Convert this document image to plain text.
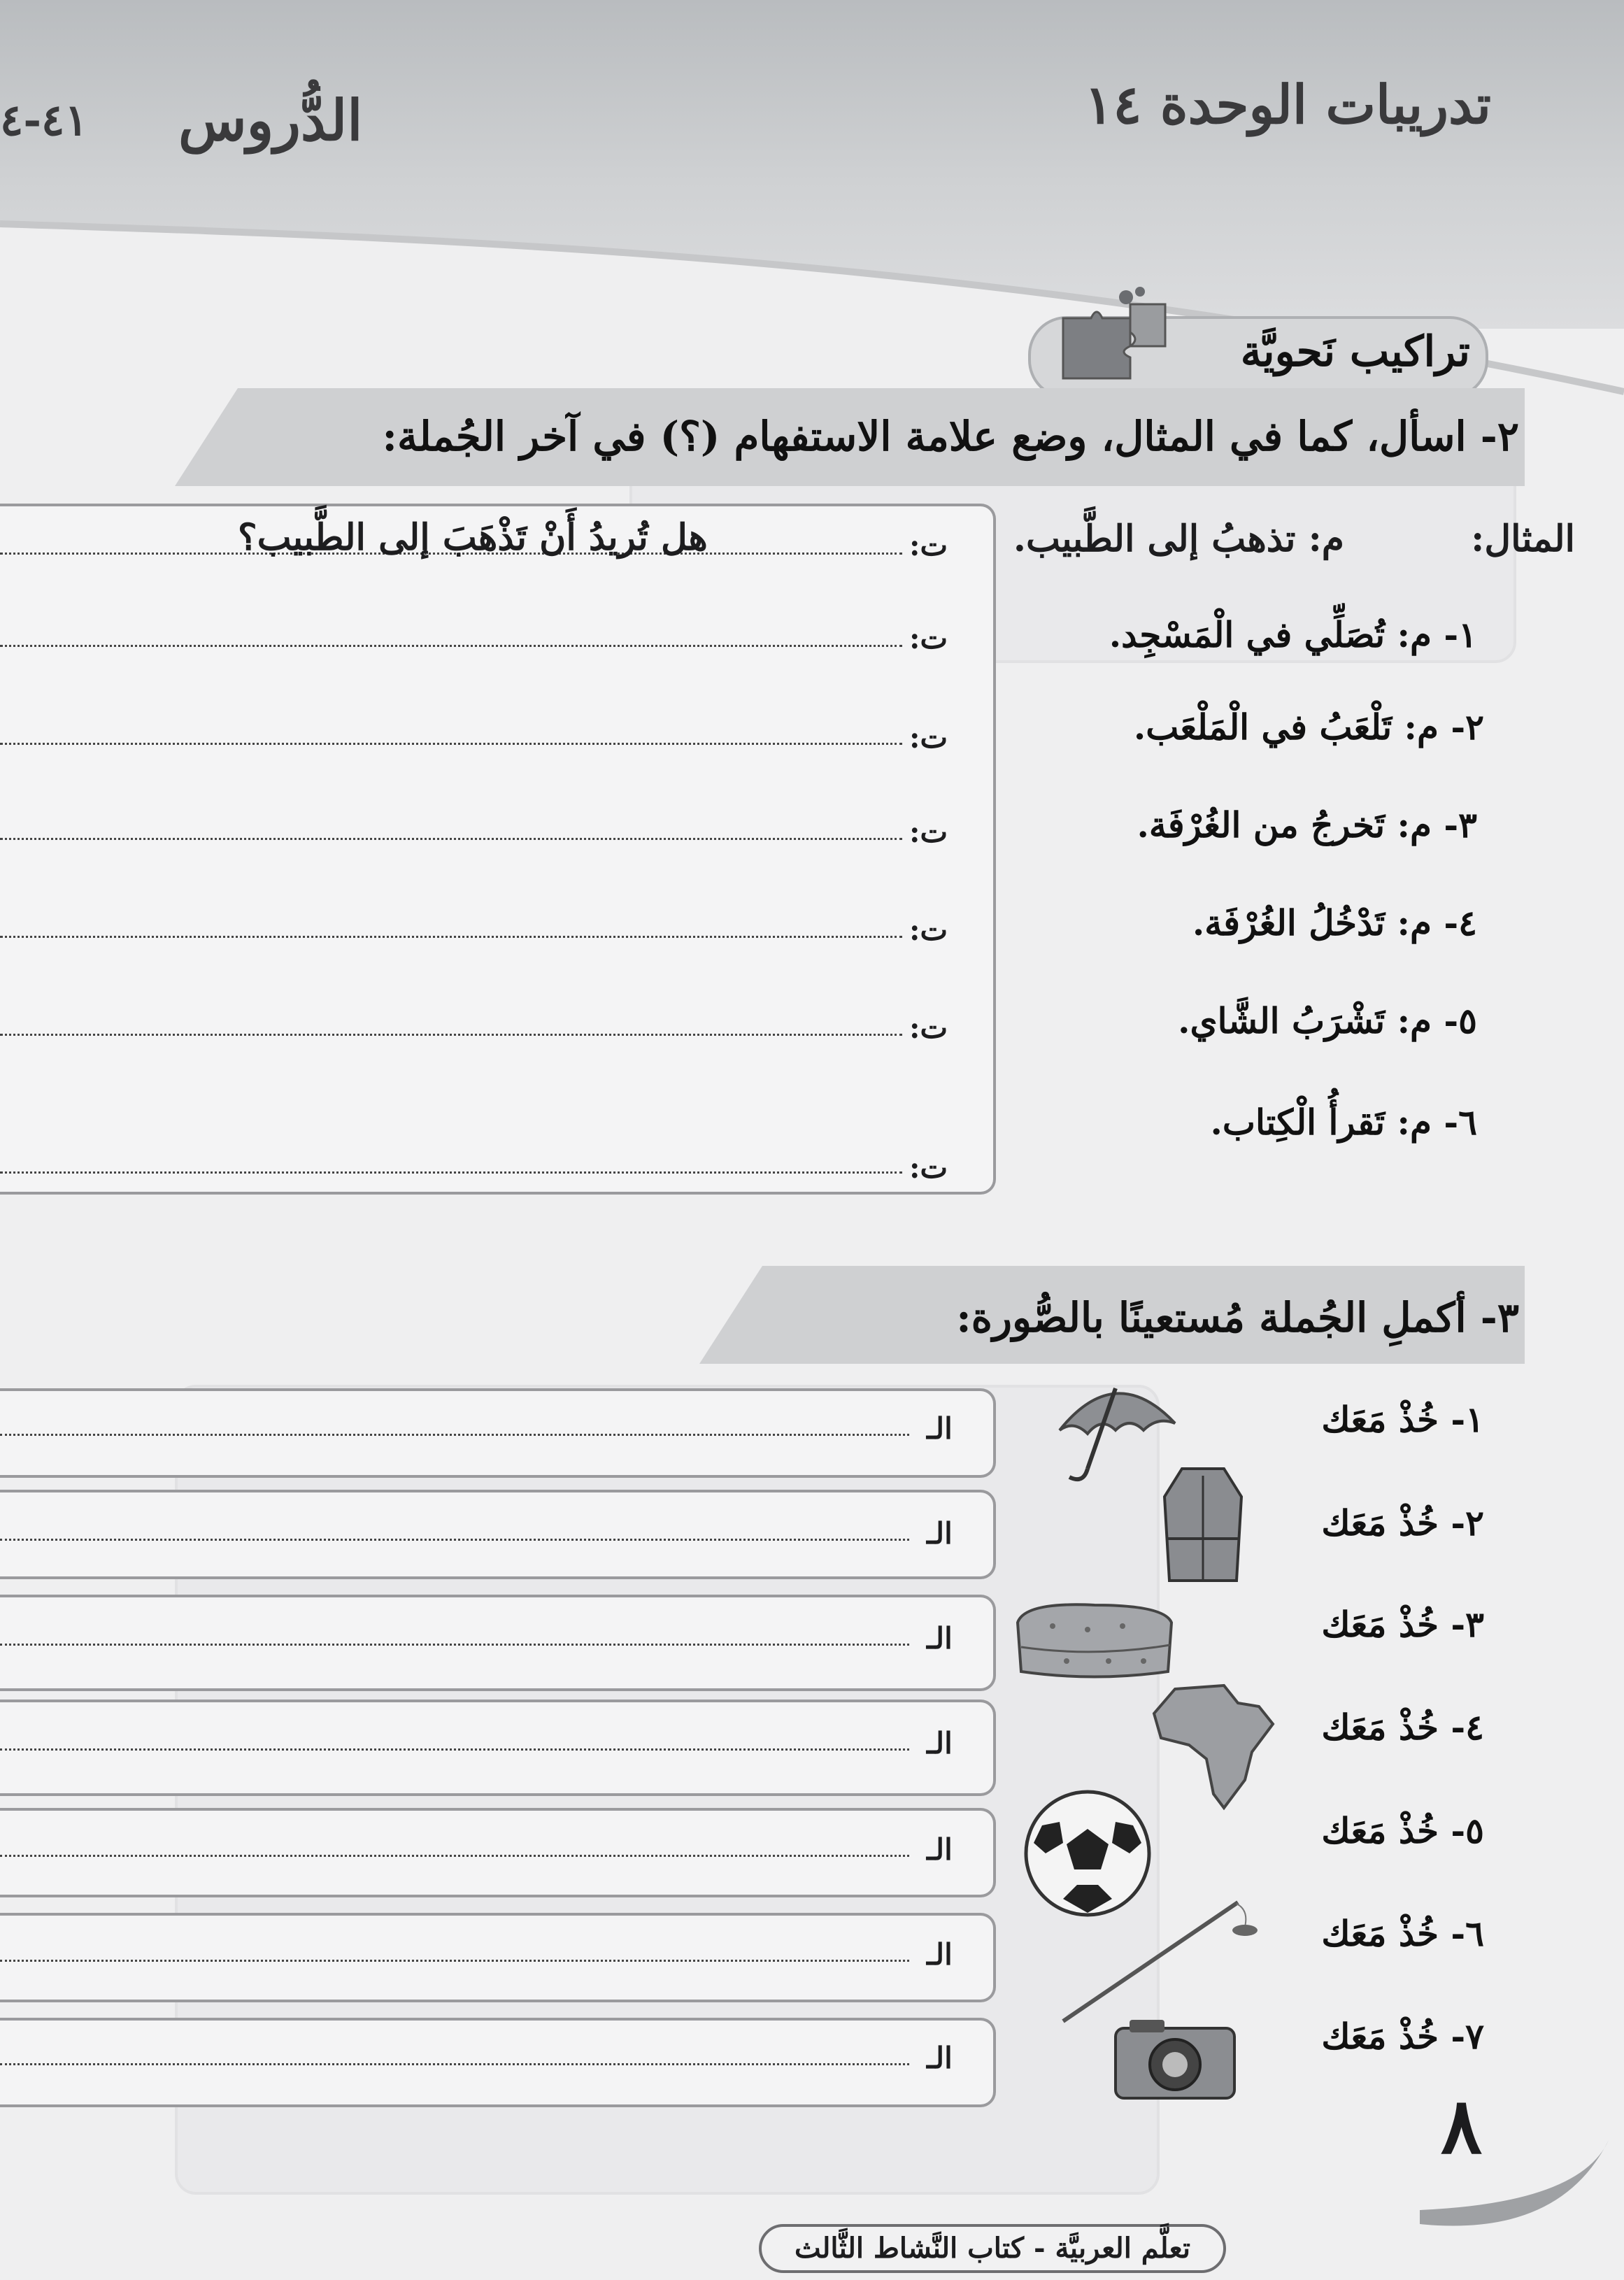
تدريبات الوحدة ١٤
الدُّروس
٤١-٤
تراكيب نَحويَّة
٢- اسأل، كما في المثال، وضع علامة الاستفهام (؟) في آخر الجُملة:
المثال:
م: تذهبُ إلى الطَّبيب.
ت:
هل تُريدُ أَنْ تَذْهَبَ إلى الطَّبيب؟
١- م: تُصَلِّي في الْمَسْجِد.
ت:
٢- م: تَلْعَبُ في الْمَلْعَب.
ت:
٣- م: تَخرجُ من الغُرْفَة.
ت:
٤- م: تَدْخُلُ الغُرْفَة.
ت:
٥- م: تَشْرَبُ الشَّاي.
ت:
٦- م: تَقرأُ الْكِتاب.
ت:
٣- أكملِ الجُملة مُستعينًا بالصُّورة:
١- خُذْ مَعَك
الـ
٢- خُذْ مَعَك
الـ
٣- خُذْ مَعَك
الـ
٤- خُذْ مَعَك
الـ
٥- خُذْ مَعَك
الـ
٦- خُذْ مَعَك
الـ
٧- خُذْ مَعَك
الـ
٨
تعلَّم العربيَّة - كتاب النَّشاط الثَّالث
